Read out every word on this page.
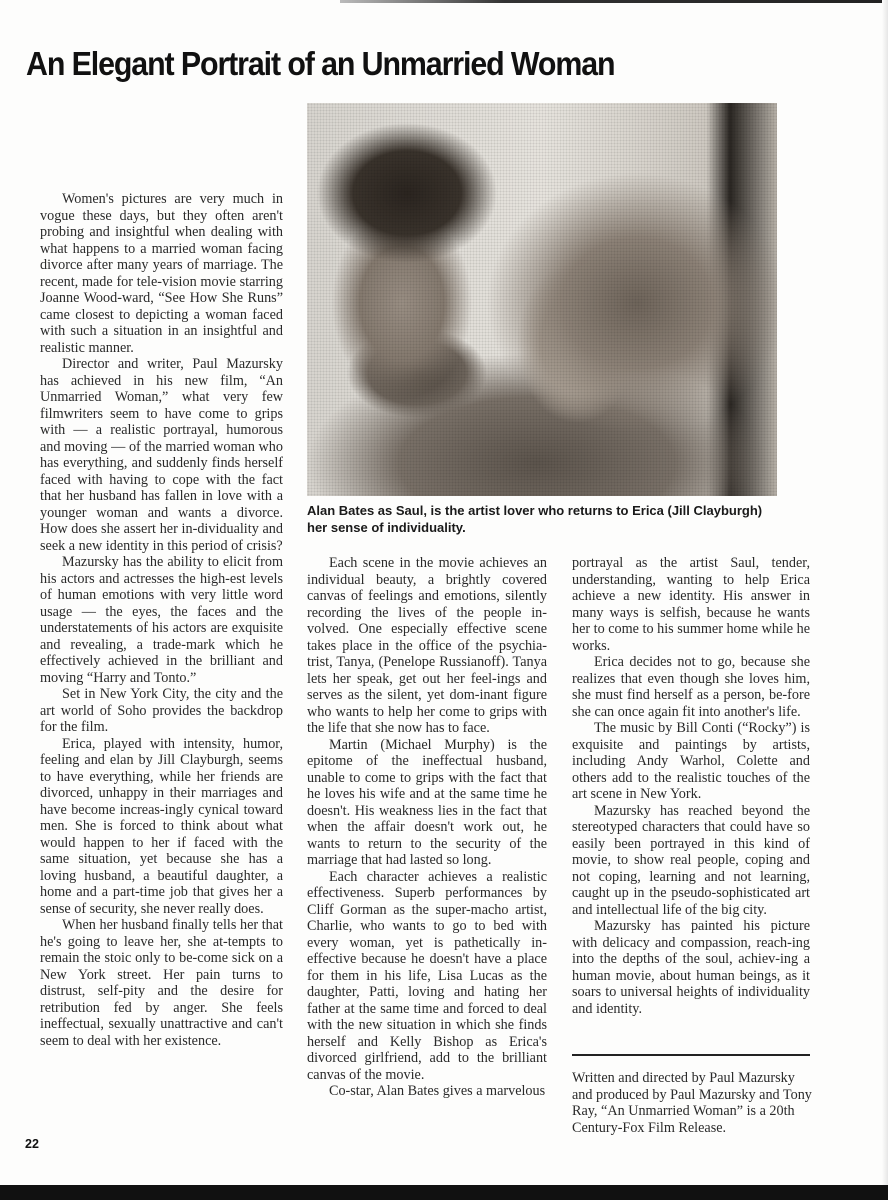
An Elegant Portrait of an Unmarried Woman
Alan Bates as Saul, is the artist lover who returns to Erica (Jill Clayburgh) her sense of individuality.

Women's pictures are very much in vogue these days, but they often aren't probing and insightful when dealing with what happens to a married woman facing divorce after many years of marriage. The recent, made for tele-vision movie starring Joanne Wood-ward, “See How She Runs” came closest to depicting a woman faced with such a situation in an insightful and realistic manner.

Director and writer, Paul Mazursky has achieved in his new film, “An Unmarried Woman,” what very few filmwriters seem to have come to grips with — a realistic portrayal, humorous and moving — of the married woman who has everything, and suddenly finds herself faced with having to cope with the fact that her husband has fallen in love with a younger woman and wants a divorce. How does she assert her in-dividuality and seek a new identity in this period of crisis?

Mazursky has the ability to elicit from his actors and actresses the high-est levels of human emotions with very little word usage — the eyes, the faces and the understatements of his actors are exquisite and revealing, a trade-mark which he effectively achieved in the brilliant and moving “Harry and Tonto.”

Set in New York City, the city and the art world of Soho provides the backdrop for the film.

Erica, played with intensity, humor, feeling and elan by Jill Clayburgh, seems to have everything, while her friends are divorced, unhappy in their marriages and have become increas-ingly cynical toward men. She is forced to think about what would happen to her if faced with the same situation, yet because she has a loving husband, a beautiful daughter, a home and a part-time job that gives her a sense of security, she never really does.

When her husband finally tells her that he's going to leave her, she at-tempts to remain the stoic only to be-come sick on a New York street. Her pain turns to distrust, self-pity and the desire for retribution fed by anger. She feels ineffectual, sexually unattractive and can't seem to deal with her existence.

Each scene in the movie achieves an individual beauty, a brightly covered canvas of feelings and emotions, silently recording the lives of the people in-volved. One especially effective scene takes place in the office of the psychia-trist, Tanya, (Penelope Russianoff). Tanya lets her speak, get out her feel-ings and serves as the silent, yet dom-inant figure who wants to help her come to grips with the life that she now has to face.

Martin (Michael Murphy) is the epitome of the ineffectual husband, unable to come to grips with the fact that he loves his wife and at the same time he doesn't. His weakness lies in the fact that when the affair doesn't work out, he wants to return to the security of the marriage that had lasted so long.

Each character achieves a realistic effectiveness. Superb performances by Cliff Gorman as the super-macho artist, Charlie, who wants to go to bed with every woman, yet is pathetically in-effective because he doesn't have a place for them in his life, Lisa Lucas as the daughter, Patti, loving and hating her father at the same time and forced to deal with the new situation in which she finds herself and Kelly Bishop as Erica's divorced girlfriend, add to the brilliant canvas of the movie.

Co-star, Alan Bates gives a marvelous

portrayal as the artist Saul, tender, understanding, wanting to help Erica achieve a new identity. His answer in many ways is selfish, because he wants her to come to his summer home while he works.

Erica decides not to go, because she realizes that even though she loves him, she must find herself as a person, be-fore she can once again fit into another's life.

The music by Bill Conti (“Rocky”) is exquisite and paintings by artists, including Andy Warhol, Colette and others add to the realistic touches of the art scene in New York.

Mazursky has reached beyond the stereotyped characters that could have so easily been portrayed in this kind of movie, to show real people, coping and not coping, learning and not learning, caught up in the pseudo-sophisticated art and intellectual life of the big city.

Mazursky has painted his picture with delicacy and compassion, reach-ing into the depths of the soul, achiev-ing a human movie, about human beings, as it soars to universal heights of individuality and identity.

Written and directed by Paul Mazursky and produced by Paul Mazursky and Tony Ray, “An Unmarried Woman” is a 20th Century-Fox Film Release.
22
